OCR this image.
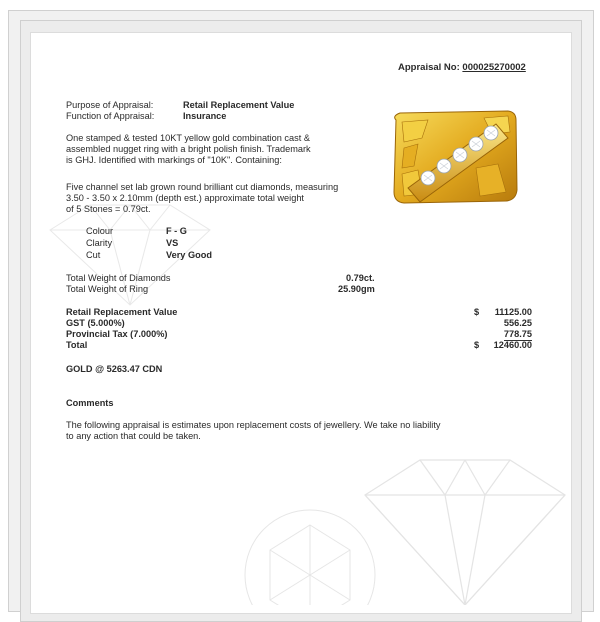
Appraisal No: 000025270002
Purpose of Appraisal:	Retail Replacement Value
Function of Appraisal:	Insurance
One stamped & tested 10KT yellow gold combination cast &
assembled nugget ring with a bright polish finish. Trademark
is GHJ. Identified with markings of "10K". Containing:
Five channel set lab grown round brilliant cut diamonds, measuring
3.50 - 3.50 x 2.10mm (depth est.) approximate total weight
of 5 Stones = 0.79ct.
Colour	F - G
Clarity	VS
Cut	Very Good
Total Weight of Diamonds	0.79ct.
Total Weight of Ring	25.90gm
Retail Replacement Value	$	11125.00
GST (5.000%)	556.25
Provincial Tax (7.000%)	778.75
Total	$	12460.00
GOLD @ 5263.47 CDN
Comments
The following appraisal is estimates upon replacement costs of jewellery. We take no liability
to any action that could be taken.
